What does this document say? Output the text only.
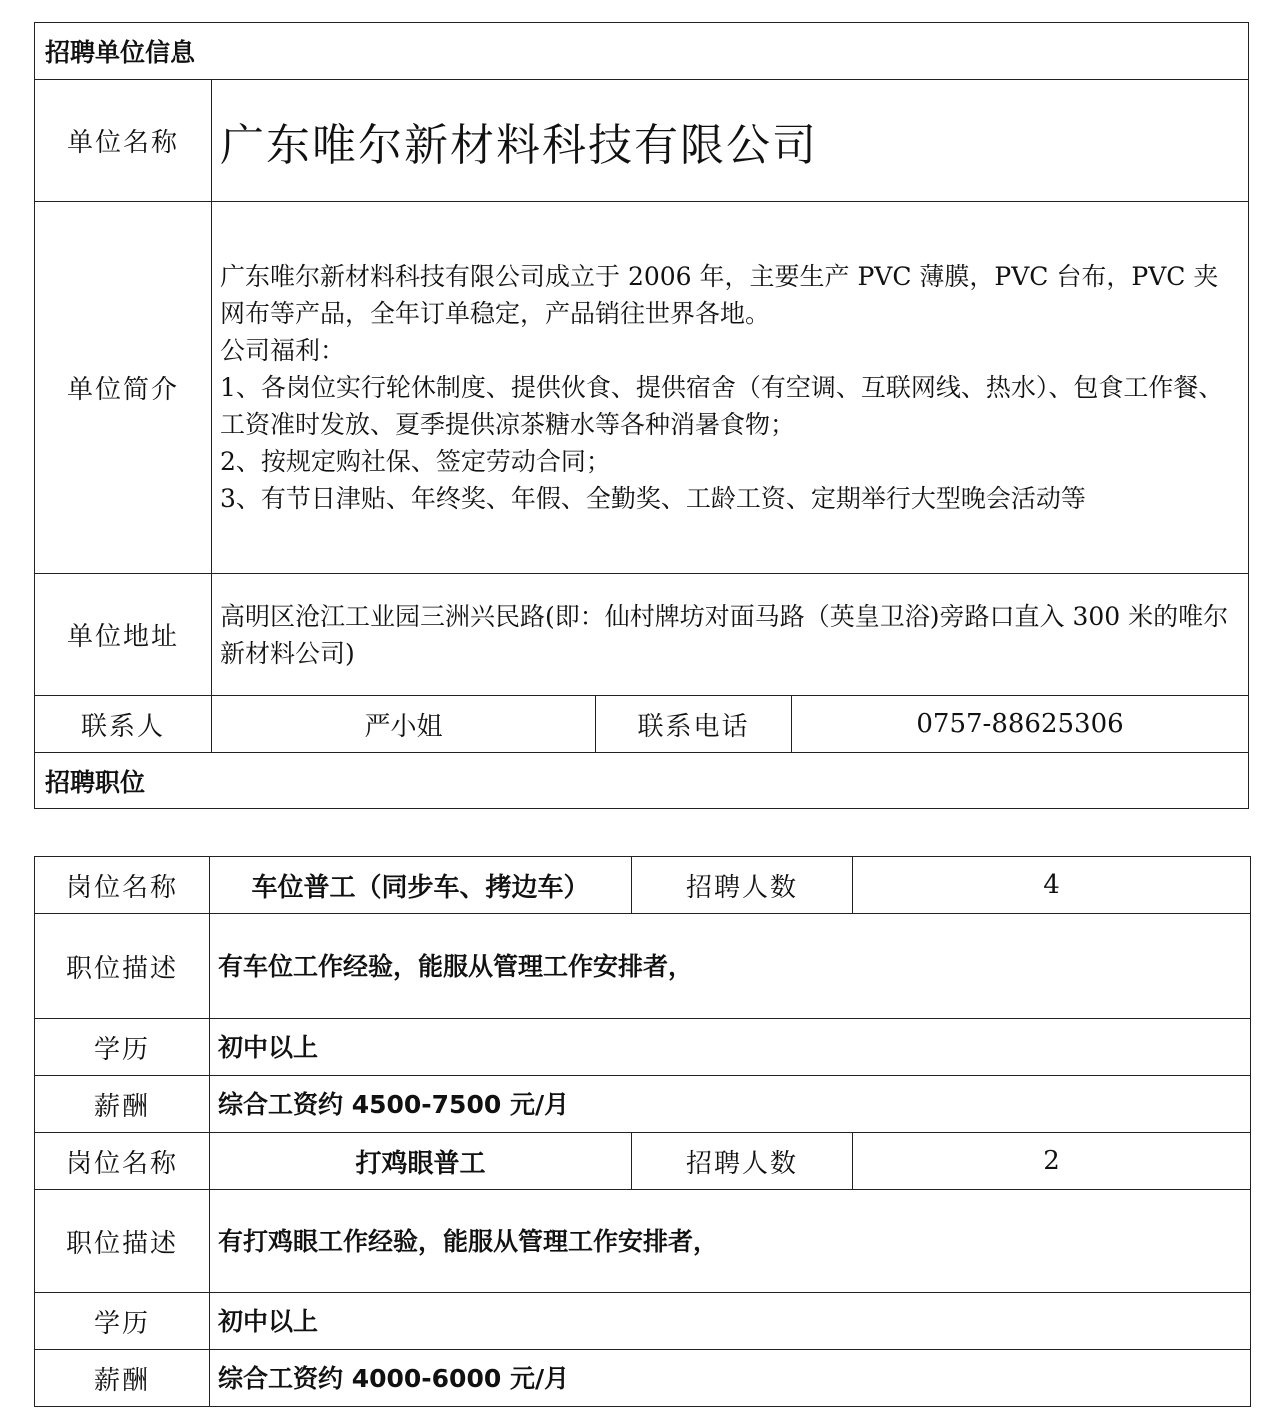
招聘单位信息			
单位名称	广东唯尔新材料科技有限公司		
单位简介	广东唯尔新材料科技有限公司成立于 2006 年，主要生产 PVC 薄膜，PVC 台布，PVC 夹网布等产品，全年订单稳定，产品销往世界各地。
公司福利：
1、各岗位实行轮休制度、提供伙食、提供宿舍（有空调、互联网线、热水）、包食工作餐、工资准时发放、夏季提供凉茶糖水等各种消暑食物；
2、按规定购社保、签定劳动合同；
3、有节日津贴、年终奖、年假、全勤奖、工龄工资、定期举行大型晚会活动等		

单位地址	高明区沧江工业园三洲兴民路(即：仙村牌坊对面马路（英皇卫浴)旁路口直入 300 米的唯尔新材料公司)		
联系人	严小姐	联系电话	0757-88625306
招聘职位			
岗位名称	车位普工（同步车、拷边车）	招聘人数	4
职位描述	有车位工作经验，能服从管理工作安排者，		
学历	初中以上		
薪酬	综合工资约 4500-7500 元/月		
岗位名称	打鸡眼普工	招聘人数	2
职位描述	有打鸡眼工作经验，能服从管理工作安排者，		
学历	初中以上		
薪酬	综合工资约 4000-6000 元/月		
